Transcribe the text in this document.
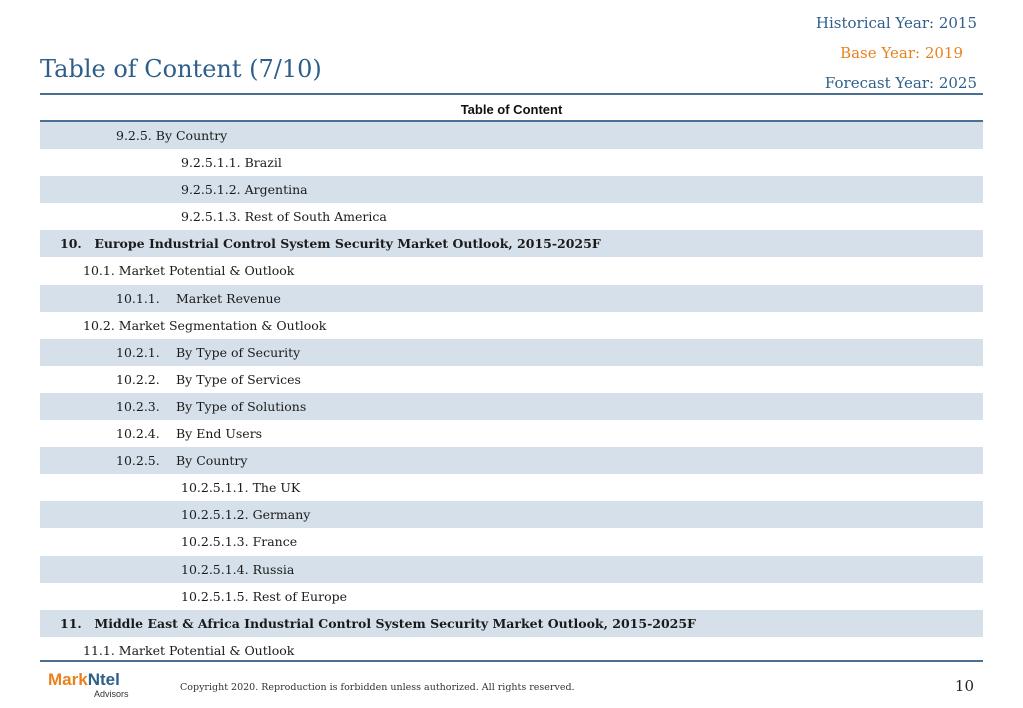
Historical Year: 2015
Base Year: 2019
Forecast Year: 2025
Table of Content (7/10)
Table of Content
9.2.5. By Country
9.2.5.1.1. Brazil
9.2.5.1.2. Argentina
9.2.5.1.3. Rest of South America
10. Europe Industrial Control System Security Market Outlook, 2015-2025F
10.1. Market Potential & Outlook
10.1.1. Market Revenue
10.2. Market Segmentation & Outlook
10.2.1. By Type of Security
10.2.2. By Type of Services
10.2.3. By Type of Solutions
10.2.4. By End Users
10.2.5. By Country
10.2.5.1.1. The UK
10.2.5.1.2. Germany
10.2.5.1.3. France
10.2.5.1.4. Russia
10.2.5.1.5. Rest of Europe
11. Middle East & Africa Industrial Control System Security Market Outlook, 2015-2025F
11.1. Market Potential & Outlook
MarkNtel
Advisors
Copyright 2020. Reproduction is forbidden unless authorized. All rights reserved.	10
